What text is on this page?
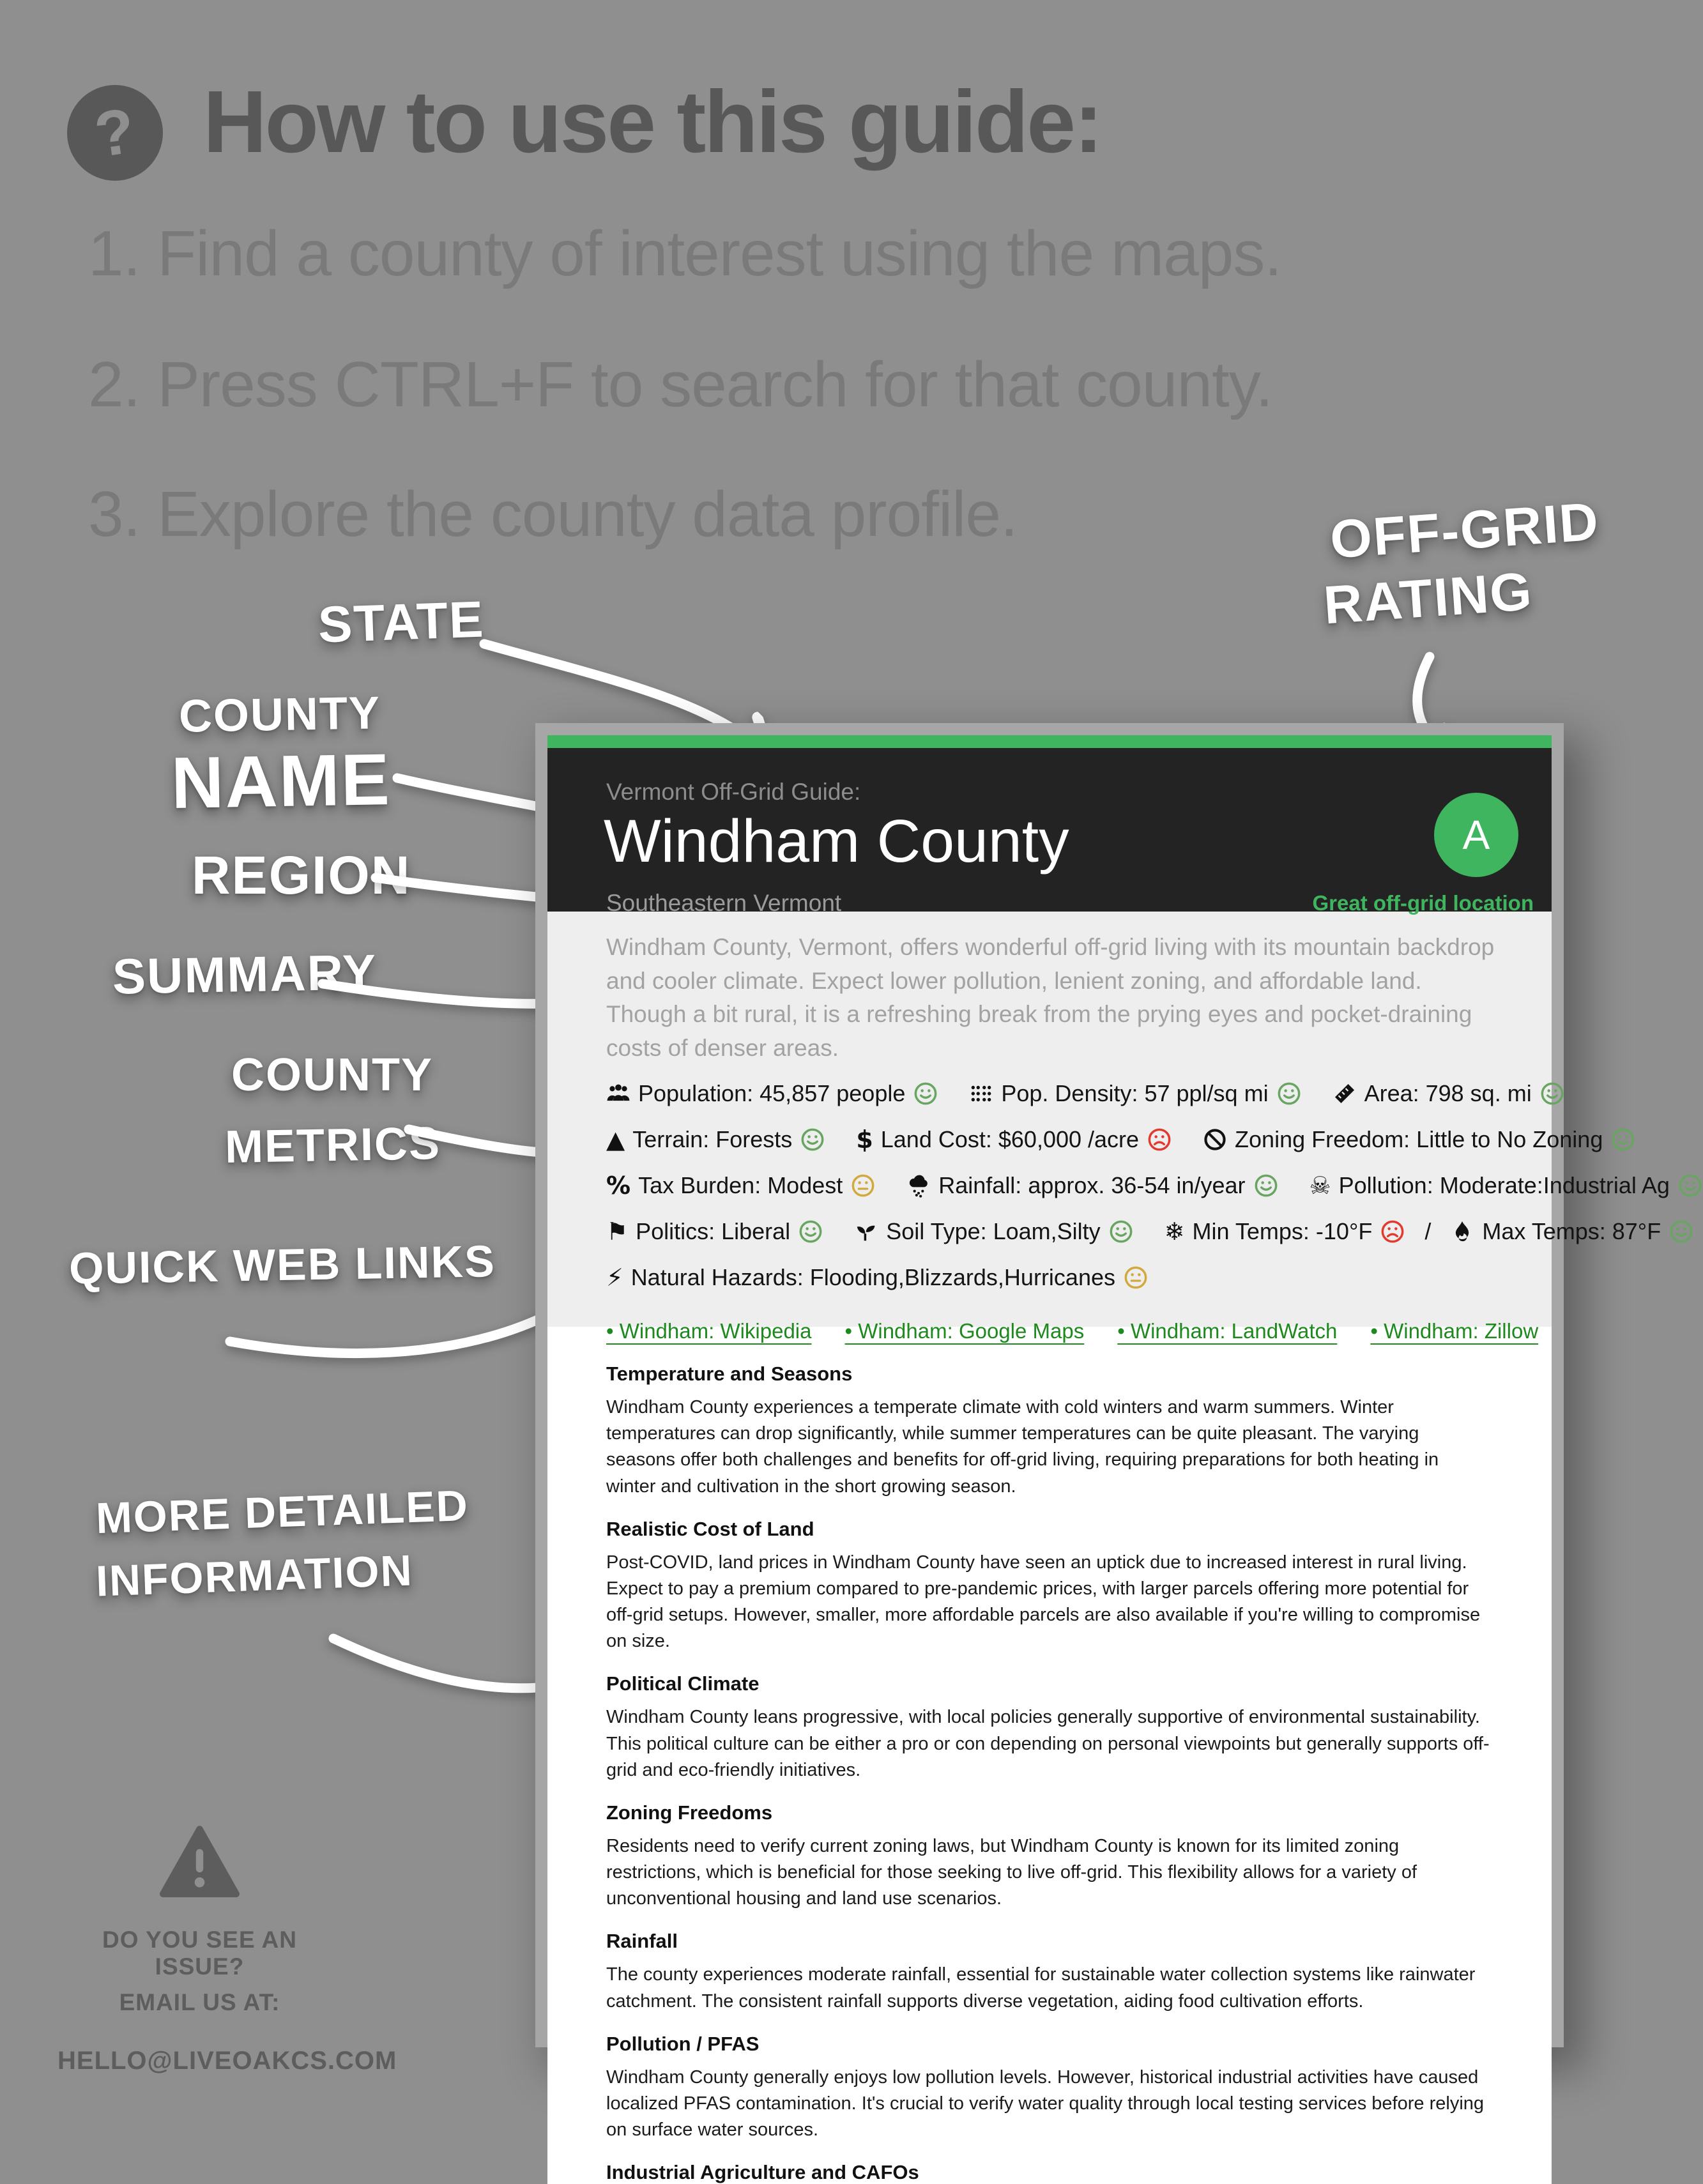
? How to use this guide:
1. Find a county of interest using the maps.
2. Press CTRL+F to search for that county.
3. Explore the county data profile.	OFF-GRID
RATING
STATE
COUNTY
NAME
REGION
SUMMARY
COUNTY
METRICS
QUICK WEB LINKS
MORE DETAILED
INFORMATION
DO YOU SEE AN ISSUE?
EMAIL US AT:
HELLO@LIVEOAKCS.COM
Vermont Off-Grid Guide:
Windham County
Southeastern Vermont
A
Great off-grid location
Windham County, Vermont, offers wonderful off-grid living with its mountain backdrop and cooler climate. Expect lower pollution, lenient zoning, and affordable land. Though a bit rural, it is a refreshing break from the prying eyes and pocket-draining costs of denser areas.
Population: 45,857 people	Pop. Density: 57 ppl/sq mi	Area: 798 sq. mi
▲ Terrain: Forests	$ Land Cost: $60,000 /acre	Zoning Freedom: Little to No Zoning
% Tax Burden: Modest	Rainfall: approx. 36-54 in/year	☠ Pollution: Moderate:Industrial Ag
⚑ Politics: Liberal	Soil Type: Loam,Silty	❄ Min Temps: -10°F / Max Temps: 87°F
⚡ Natural Hazards: Flooding,Blizzards,Hurricanes
• Windham: Wikipedia • Windham: Google Maps • Windham: LandWatch • Windham: Zillow
Temperature and Seasons
Windham County experiences a temperate climate with cold winters and warm summers. Winter temperatures can drop significantly, while summer temperatures can be quite pleasant. The varying seasons offer both challenges and benefits for off-grid living, requiring preparations for both heating in winter and cultivation in the short growing season.
Realistic Cost of Land
Post-COVID, land prices in Windham County have seen an uptick due to increased interest in rural living. Expect to pay a premium compared to pre-pandemic prices, with larger parcels offering more potential for off-grid setups. However, smaller, more affordable parcels are also available if you're willing to compromise on size.
Political Climate
Windham County leans progressive, with local policies generally supportive of environmental sustainability. This political culture can be either a pro or con depending on personal viewpoints but generally supports off-grid and eco-friendly initiatives.
Zoning Freedoms
Residents need to verify current zoning laws, but Windham County is known for its limited zoning restrictions, which is beneficial for those seeking to live off-grid. This flexibility allows for a variety of unconventional housing and land use scenarios.
Rainfall
The county experiences moderate rainfall, essential for sustainable water collection systems like rainwater catchment. The consistent rainfall supports diverse vegetation, aiding food cultivation efforts.
Pollution / PFAS
Windham County generally enjoys low pollution levels. However, historical industrial activities have caused localized PFAS contamination. It's crucial to verify water quality through local testing services before relying on surface water sources.
Industrial Agriculture and CAFOs
